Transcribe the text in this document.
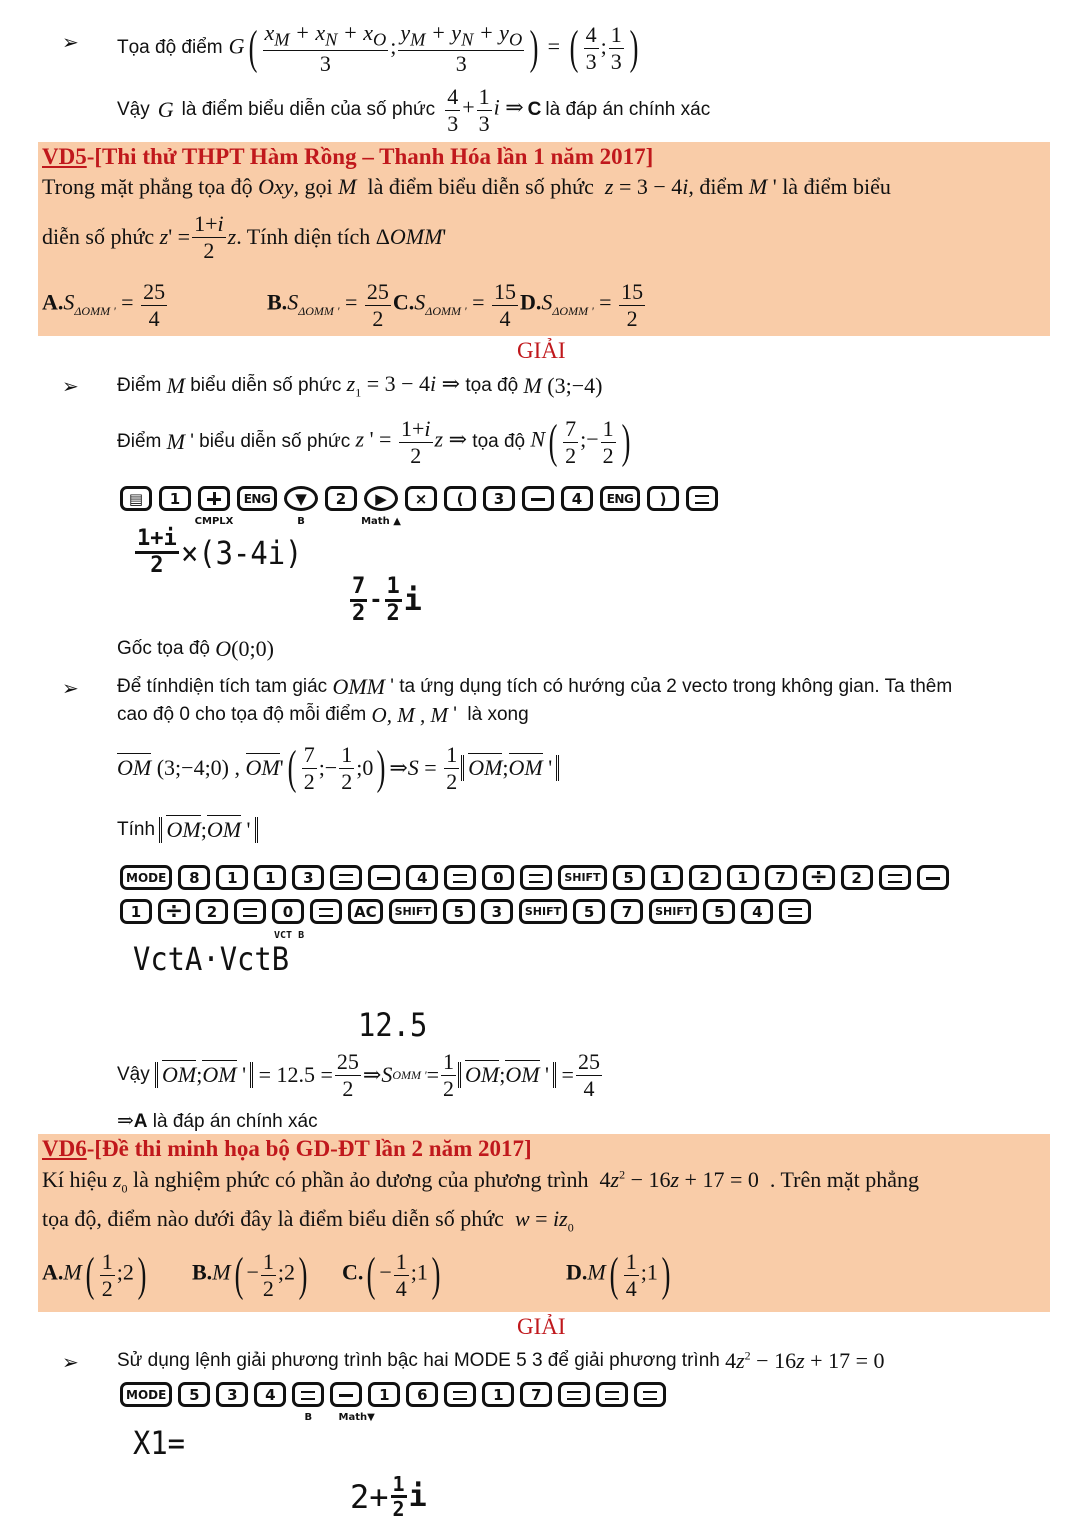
➢ Tọa độ điểm $G( \frac{x_M + x_N + x_O}{3}$ ; $\frac{y_M + y_N + y_O}{3}$ ) = ( $\frac{4}{3}$ ; $\frac{1}{3}$ )
Vậy G là điểm biểu diễn của số phức $\frac{4}{3} + \frac{1}{3}$ i ⇒ C là đáp án chính xác
VD5-[Thi thử THPT Hàm Rồng – Thanh Hóa lần 1 năm 2017]
Trong mặt phẳng tọa độ Oxy, gọi M là điểm biểu diễn số phức z = 3 − 4i, điểm M ' là điểm biểu
diễn số phức
z ' = $\frac{1+i}{2}$ z . Tính diện tích Δ OMM '
$A.S_{\Delta OMM '} = \frac{25}{4}$	$B.S_{\Delta OMM '} = \frac{25}{2} C.S_{\Delta OMM '} = \frac{15}{4} D.S_{\Delta OMM '} = \frac{15}{2}$
GIẢI
➢ Điểm
M
biểu diễn số phức
$z_1 = 3 - 4i$ ⇒
tọa độ
M (3;−4)
Điểm
M ' biểu diễn số phức
z ' = $\frac{1+i}{2}$ z ⇒
tọa độ
$N( \frac{7}{2}$ ;− $\frac{1}{2}$ )
▤	1
CMPLX
ENG	▼
B
2	▶
Math ▲
×	(	3	4	ENG	)
$\frac{1+i}{2} \times(3-4i)$
$\frac{7}{2} - \frac{1}{2}$ i
Gốc tọa độ
O(0;0)
➢ Để tínhdiện tích tam giác
OMM ' ta ứng dụng tích có hướng của 2 vecto trong không gian. Ta thêm
cao độ 0 cho tọa độ mỗi điểm
O, M , M ' là xong
OM (3;−4;0) , OM ' ( $\frac{7}{2}$ ;− $\frac{1}{2}$ ;0 ) ⇒ $S = \frac{1}{2}$ OM;OM '
Tính
OM;OM '
MODE	8	1	1	3	4	0	SHIFT	5	1	2	1	7 ÷	2
1 ÷	2	0	AC	SHIFT	5	3	SHIFT	5	7	SHIFT	5	4
VCT B
VctA·VctB
12.5
Vậy
OM;OM ' = $12.5 = \frac{25}{2}$ ⇒ S OMM ' = $\frac{1}{2}$ OM;OM ' = $\frac{25}{4}$
⇒A là đáp án chính xác
VD6-[Đề thi minh họa bộ GD-ĐT lần 2 năm 2017]
Kí hiệu $z_0$ là nghiệm phức có phần ảo dương của phương trình  $4z^2 - 16z + 17 = 0$  . Trên mặt phẳng
tọa độ, điểm nào dưới đây là điểm biểu diễn số phức $w = iz_0$
$A.M( \frac{1}{2}$ ;2)	$B.M( - \frac{1}{2}$ ;2)	$C.( - \frac{1}{4}$ ;1)	$D.M( \frac{1}{4}$ ;1)
GIẢI
➢ Sử dụng lệnh giải phương trình bậc hai MODE 5 3 để giải phương trình
$4z^2 - 16z + 17 = 0$
MODE	5	3	4
B	Math▼
1	6	1	7
X1=
$2+ \frac{1}{2}$ i
